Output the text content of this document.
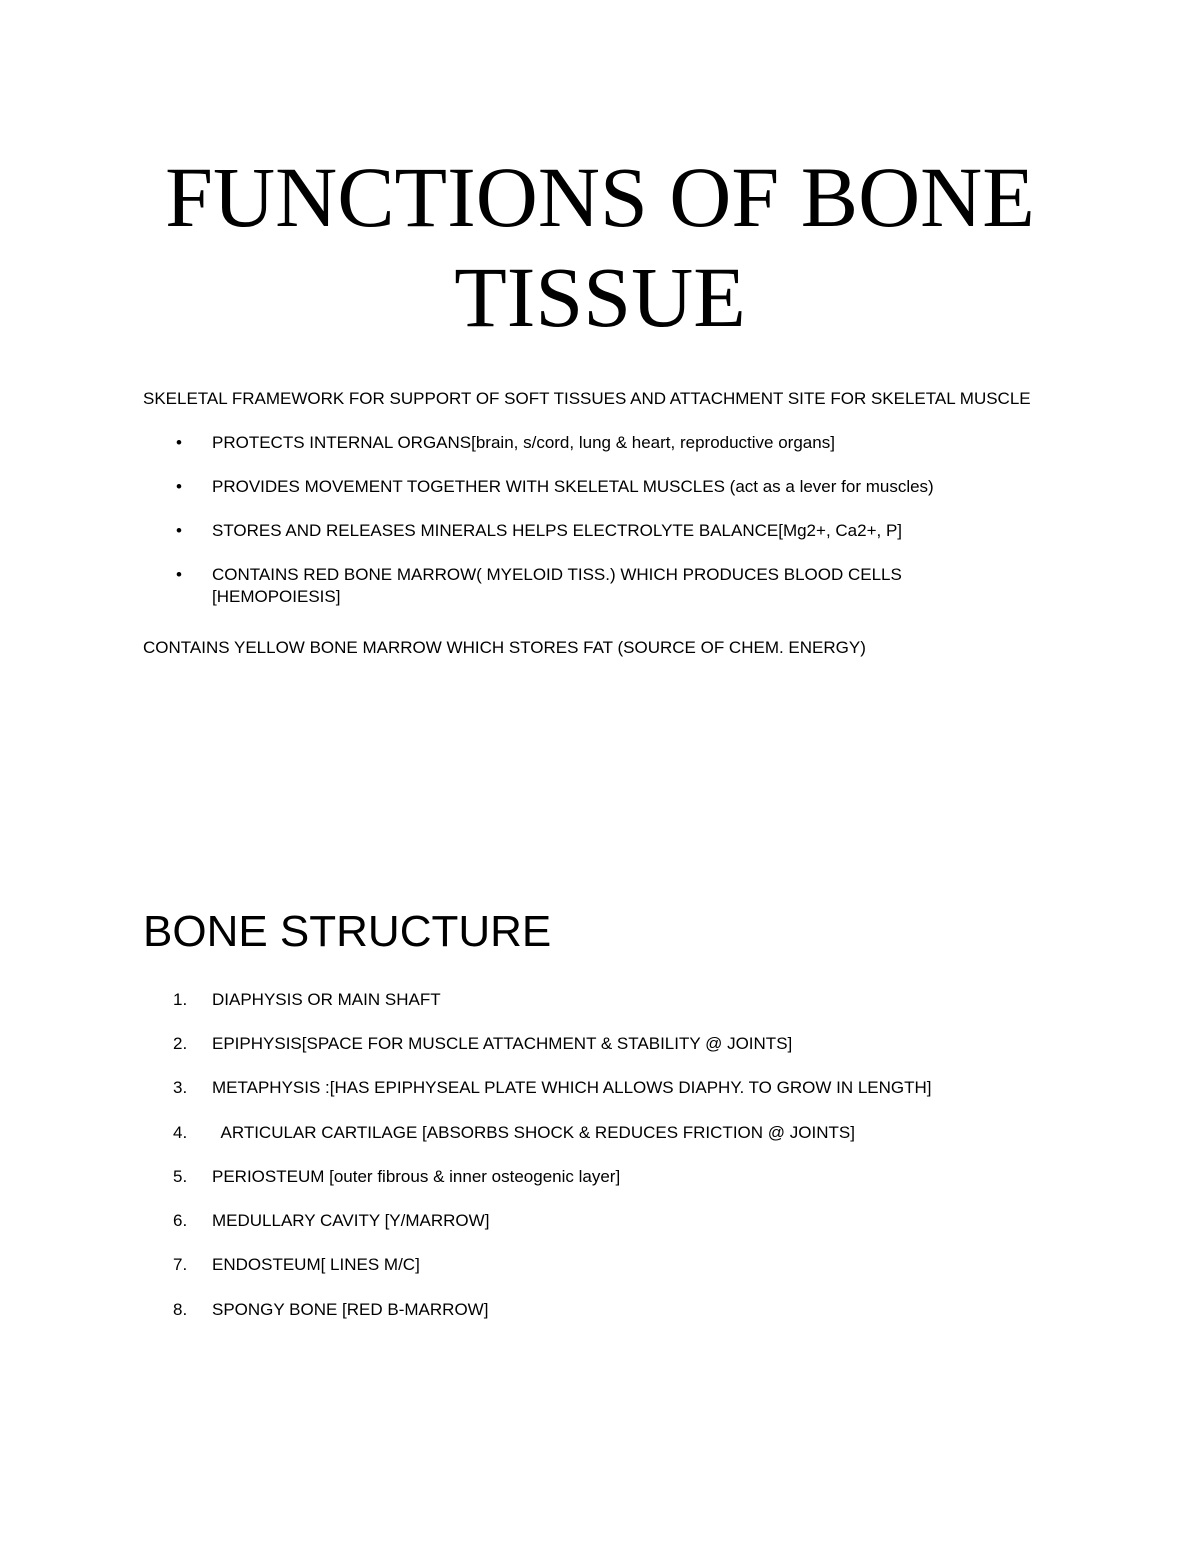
FUNCTIONS OF BONE
TISSUE
SKELETAL FRAMEWORK FOR SUPPORT OF SOFT TISSUES AND ATTACHMENT SITE FOR SKELETAL MUSCLE
• PROTECTS INTERNAL ORGANS[brain, s/cord, lung & heart, reproductive organs]
• PROVIDES MOVEMENT TOGETHER WITH SKELETAL MUSCLES (act as a lever for muscles)
• STORES AND RELEASES MINERALS HELPS ELECTROLYTE BALANCE[Mg2+, Ca2+, P]
• CONTAINS RED BONE MARROW( MYELOID TISS.) WHICH PRODUCES BLOOD CELLS [HEMOPOIESIS]
CONTAINS YELLOW BONE MARROW WHICH STORES FAT (SOURCE OF CHEM. ENERGY)
BONE STRUCTURE
1.	DIAPHYSIS OR MAIN SHAFT
2.	EPIPHYSIS[SPACE FOR MUSCLE ATTACHMENT & STABILITY @ JOINTS]
3.	METAPHYSIS :[HAS EPIPHYSEAL PLATE WHICH ALLOWS DIAPHY. TO GROW IN LENGTH]
4.	ARTICULAR CARTILAGE [ABSORBS SHOCK & REDUCES FRICTION @ JOINTS]
5.	PERIOSTEUM [outer fibrous & inner osteogenic layer]
6.	MEDULLARY CAVITY [Y/MARROW]
7.	ENDOSTEUM[ LINES M/C]
8.	SPONGY BONE [RED B-MARROW]
